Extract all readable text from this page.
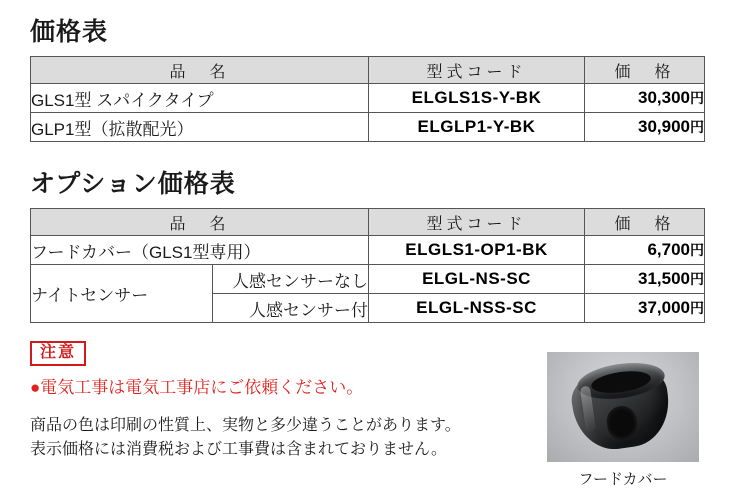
価格表
品　名	型式コード	価　格
GLS1型 スパイクタイプ	ELGLS1S-Y-BK	30,300円
GLP1型（拡散配光）	ELGLP1-Y-BK	30,900円
オプション価格表
品　名		型式コード	価　格
フードカバー（GLS1型専用）		ELGLS1-OP1-BK	6,700円
ナイトセンサー	人感センサーなし	ELGL-NS-SC	31,500円
	人感センサー付	ELGL-NSS-SC	37,000円
注意
●電気工事は電気工事店にご依頼ください。
商品の色は印刷の性質上、実物と多少違うことがあります。
表示価格には消費税および工事費は含まれておりません。
フードカバー
